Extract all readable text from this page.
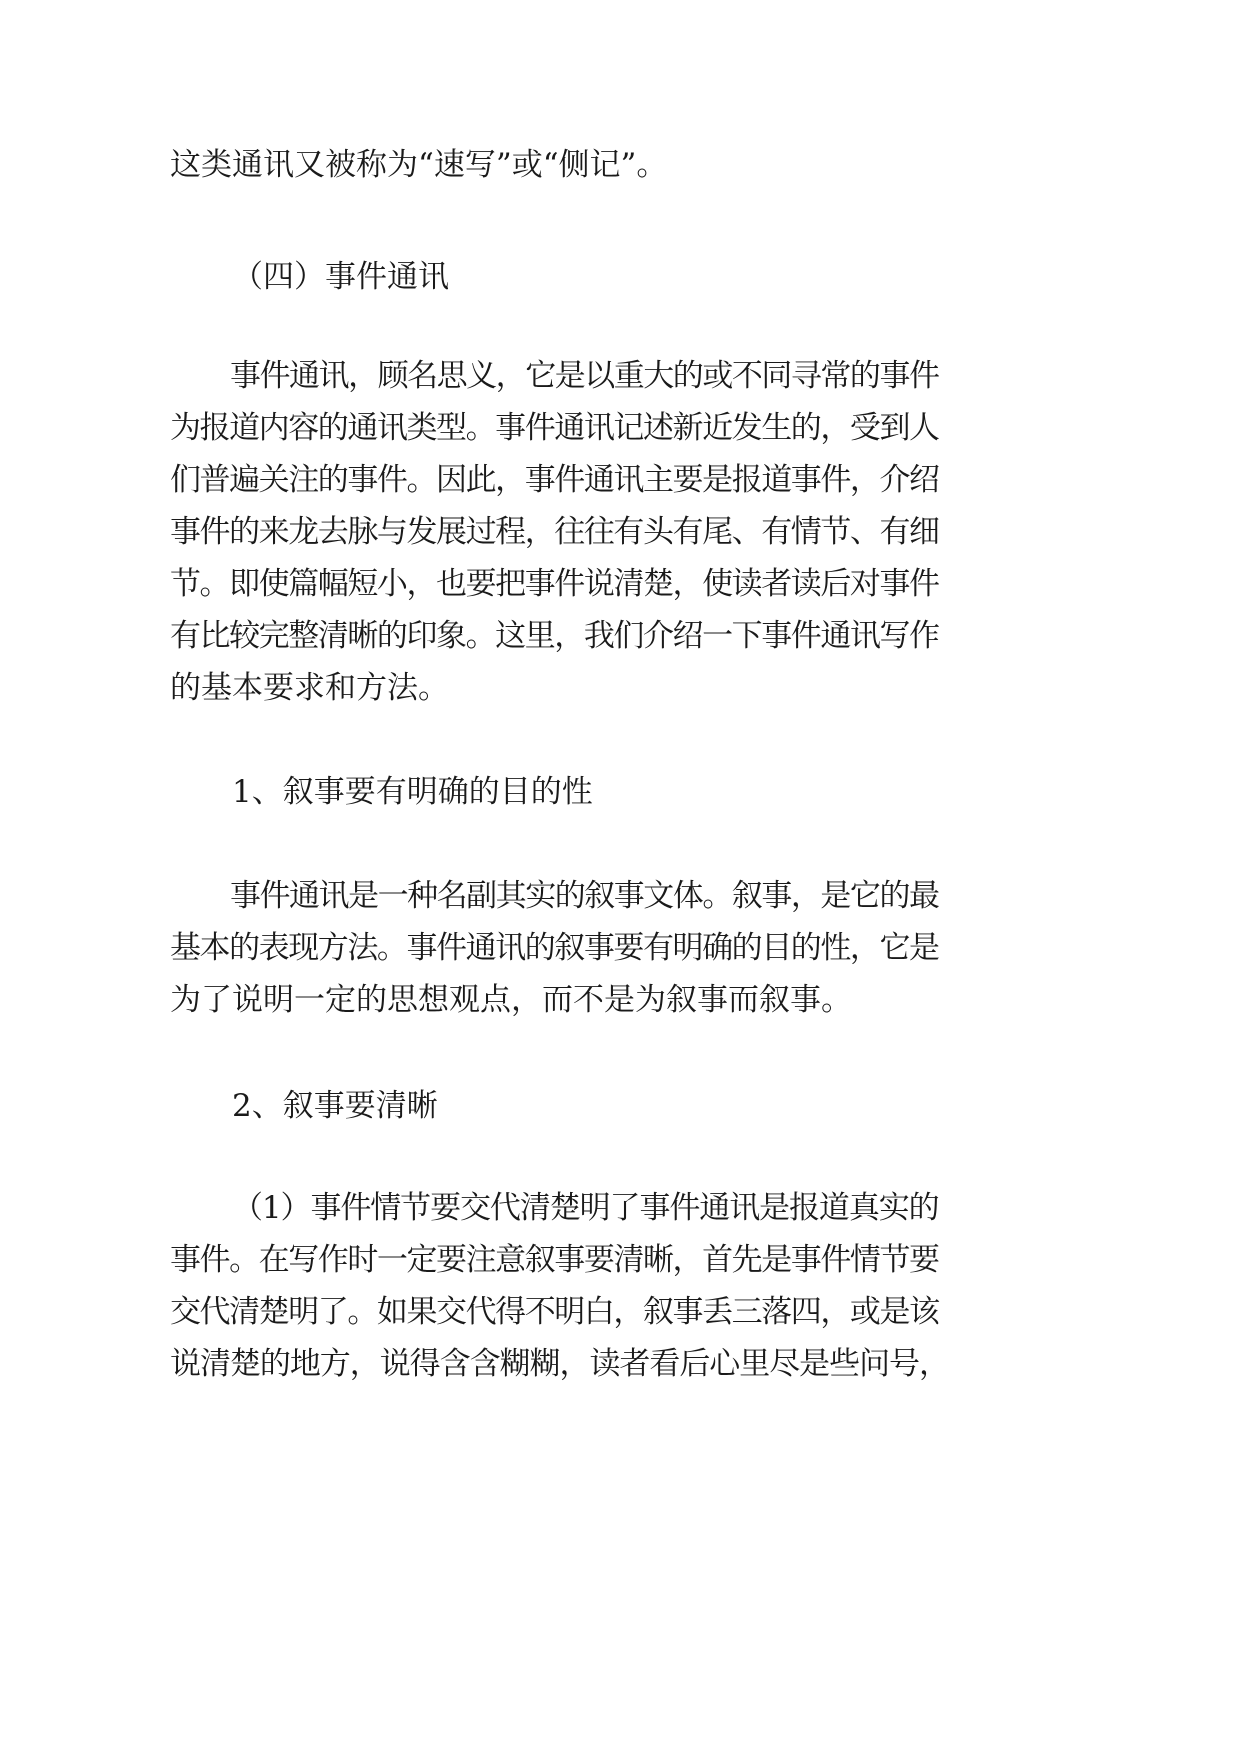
这类通讯又被称为“速写”或“侧记”。
（四）事件通讯
事件通讯，顾名思义，它是以重大的或不同寻常的事件
为报道内容的通讯类型。事件通讯记述新近发生的，受到人
们普遍关注的事件。因此，事件通讯主要是报道事件，介绍
事件的来龙去脉与发展过程，往往有头有尾、有情节、有细
节。即使篇幅短小，也要把事件说清楚，使读者读后对事件
有比较完整清晰的印象。这里，我们介绍一下事件通讯写作
的基本要求和方法。
1、叙事要有明确的目的性
事件通讯是一种名副其实的叙事文体。叙事，是它的最
基本的表现方法。事件通讯的叙事要有明确的目的性，它是
为了说明一定的思想观点，而不是为叙事而叙事。
2、叙事要清晰
（1）事件情节要交代清楚明了事件通讯是报道真实的
事件。在写作时一定要注意叙事要清晰，首先是事件情节要
交代清楚明了。如果交代得不明白，叙事丢三落四，或是该
说清楚的地方，说得含含糊糊，读者看后心里尽是些问号，
